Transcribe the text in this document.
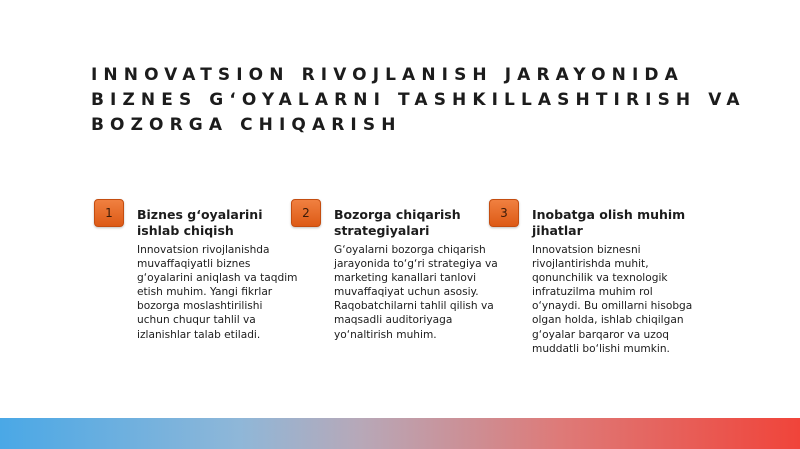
INNOVATSION RIVOJLANISH JARAYONIDA
BIZNES G‘OYALARNI TASHKILLASHTIRISH VA
BOZORGA CHIQARISH
1	Biznes g‘oyalarini
ishlab chiqish

Innovatsion rivojlanishda
muvaffaqiyatli biznes
g‘oyalarini aniqlash va taqdim
etish muhim. Yangi fikrlar
bozorga moslashtirilishi
uchun chuqur tahlil va
izlanishlar talab etiladi.

2	Bozorga chiqarish
strategiyalari

G‘oyalarni bozorga chiqarish
jarayonida to‘g‘ri strategiya va
marketing kanallari tanlovi
muvaffaqiyat uchun asosiy.
Raqobatchilarni tahlil qilish va
maqsadli auditoriyaga
yo‘naltirish muhim.

3	Inobatga olish muhim
jihatlar

Innovatsion biznesni
rivojlantirishda muhit,
qonunchilik va texnologik
infratuzilma muhim rol
o‘ynaydi. Bu omillarni hisobga
olgan holda, ishlab chiqilgan
g‘oyalar barqaror va uzoq
muddatli bo‘lishi mumkin.
